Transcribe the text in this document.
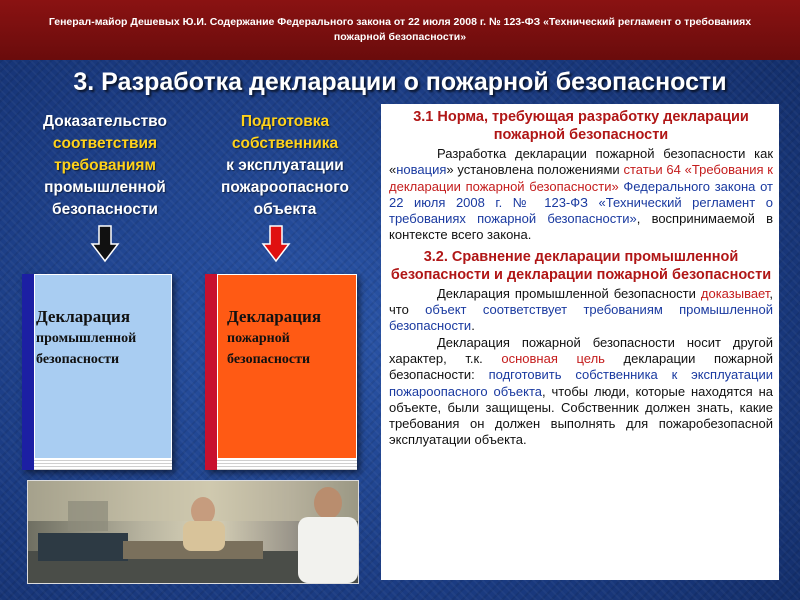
Генерал-майор Дешевых Ю.И. Содержание Федерального закона от 22 июля 2008 г. № 123-ФЗ «Технический регламент о требованиях
пожарной безопасности»
3. Разработка декларации о пожарной безопасности
Доказательство
соответствия
требованиям
промышленной
безопасности
Подготовка
собственника
к эксплуатации
пожароопасного
объекта
Декларация
промышленной
безопасности
Декларация
пожарной
безопасности
3.1 Норма, требующая разработку декларации пожарной безопасности
Разработка декларации пожарной безопасности как «новация» установлена положениями статьи 64 «Требования к декларации пожарной безопасности» Федерального закона от 22 июля 2008 г. № 123-ФЗ «Технический регламент о требованиях пожарной безопасности», воспринимаемой в контексте всего закона.
3.2. Сравнение декларации промышленной безопасности и декларации пожарной безопасности
Декларация промышленной безопасности доказывает, что объект соответствует требованиям промышленной безопасности.
Декларация пожарной безопасности носит другой характер, т.к. основная цель декларации пожарной безопасности: подготовить собственника к эксплуатации пожароопасного объекта, чтобы люди, которые находятся на объекте, были защищены. Собственник должен знать, какие требования он должен выполнять для пожаробезопасной эксплуатации объекта.
